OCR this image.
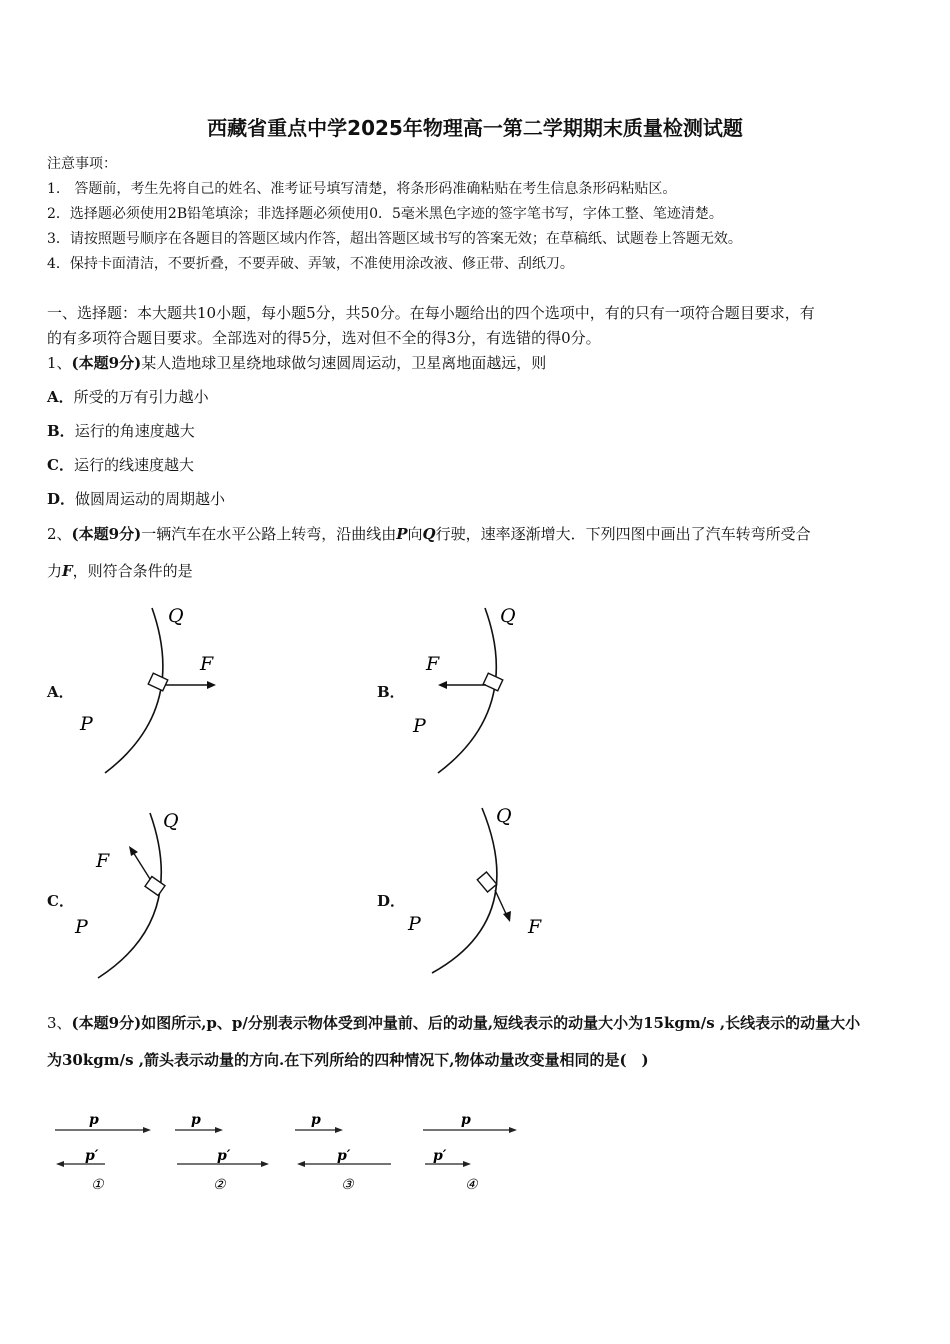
西藏省重点中学2025年物理高一第二学期期末质量检测试题
注意事项：
1.　答题前，考生先将自己的姓名、准考证号填写清楚，将条形码准确粘贴在考生信息条形码粘贴区。
2．选择题必须使用2B铅笔填涂；非选择题必须使用0．5毫米黑色字迹的签字笔书写，字体工整、笔迹清楚。
3．请按照题号顺序在各题目的答题区域内作答，超出答题区域书写的答案无效；在草稿纸、试题卷上答题无效。
4．保持卡面清洁，不要折叠，不要弄破、弄皱，不准使用涂改液、修正带、刮纸刀。
一、选择题：本大题共10小题，每小题5分，共50分。在每小题给出的四个选项中，有的只有一项符合题目要求，有
的有多项符合题目要求。全部选对的得5分，选对但不全的得3分，有选错的得0分。
1、(本题9分)某人造地球卫星绕地球做匀速圆周运动，卫星离地面越远，则
A．所受的万有引力越小
B．运行的角速度越大
C．运行的线速度越大
D．做圆周运动的周期越小
2、(本题9分)一辆汽车在水平公路上转弯，沿曲线由P向Q行驶，速率逐渐增大．下列四图中画出了汽车转弯所受合
力F，则符合条件的是
A．
Q
F
P
B．
Q
F
P
C．
Q
F
P
D．
Q
F
P
3、(本题9分)如图所示,p、p/分别表示物体受到冲量前、后的动量,短线表示的动量大小为15kgm/s ,长线表示的动量大小
为30kgm/s ,箭头表示动量的方向.在下列所给的四种情况下,物体动量改变量相同的是(　)
p
p′
①
p
p′
②
p
p′
③
p
p′
④
